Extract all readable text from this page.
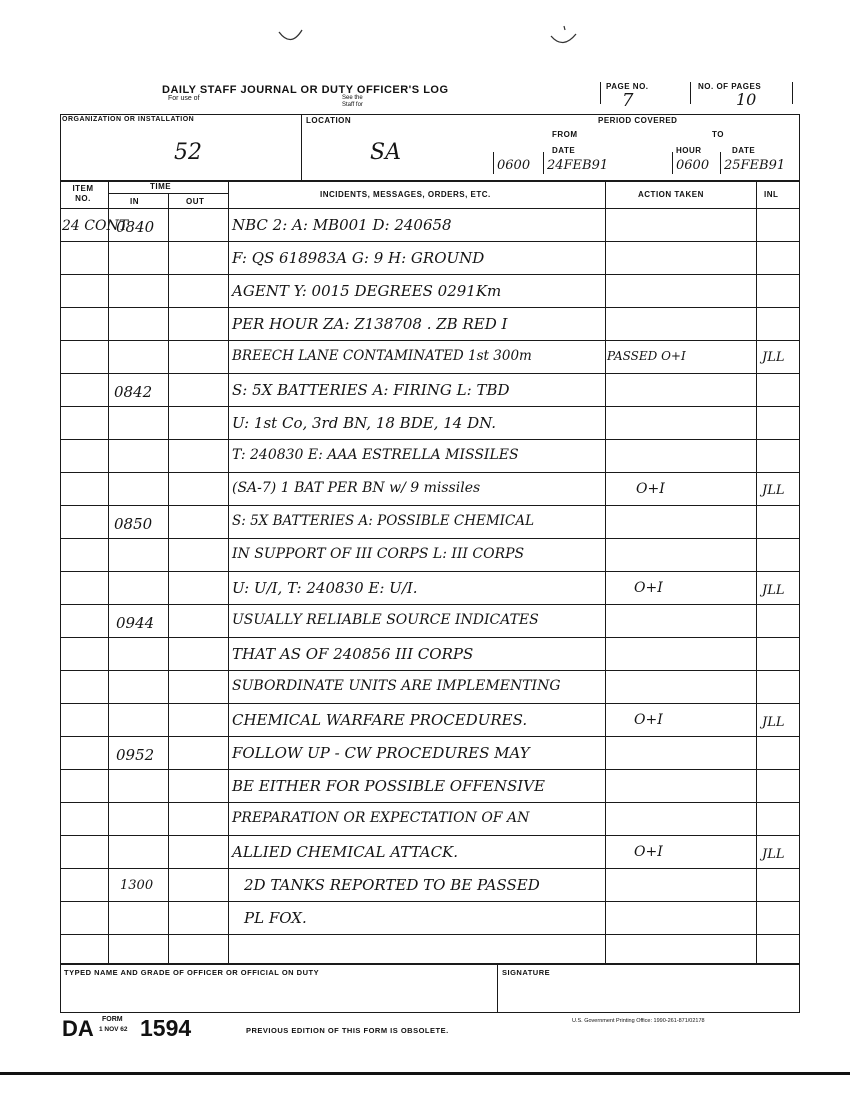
DAILY STAFF JOURNAL OR DUTY OFFICER'S LOG
For use of	See the
Staff for
PAGE NO.
7
NO. OF PAGES
10
ORGANIZATION OR INSTALLATION
52
LOCATION
SA
PERIOD COVERED
FROM	TO
DATE	HOUR	DATE
0600 24FEB91	0600 25FEB91
ITEM NO.
TIME
IN	OUT
INCIDENTS, MESSAGES, ORDERS, ETC.	ACTION TAKEN	INL
24 CONT
0840	NBC 2: A: MB001 D: 240658
F: QS 618983A G: 9 H: GROUND
AGENT Y: 0015 DEGREES 0291Km
PER HOUR ZA: Z138708 . ZB RED I
BREECH LANE CONTAMINATED 1st 300m	PASSED O+I	JLL
0842	S: 5X BATTERIES A: FIRING L: TBD
U: 1st Co, 3rd BN, 18 BDE, 14 DN.
T: 240830 E: AAA ESTRELLA MISSILES
(SA-7) 1 BAT PER BN w/ 9 missiles	O+I	JLL
0850	S: 5X BATTERIES A: POSSIBLE CHEMICAL
IN SUPPORT OF III CORPS L: III CORPS
U: U/I, T: 240830 E: U/I.	O+I	JLL
0944	USUALLY RELIABLE SOURCE INDICATES
THAT AS OF 240856 III CORPS
SUBORDINATE UNITS ARE IMPLEMENTING
CHEMICAL WARFARE PROCEDURES.	O+I	JLL
0952	FOLLOW UP - CW PROCEDURES MAY
BE EITHER FOR POSSIBLE OFFENSIVE
PREPARATION OR EXPECTATION OF AN
ALLIED CHEMICAL ATTACK.	O+I	JLL
1300	2D TANKS REPORTED TO BE PASSED
PL FOX.
TYPED NAME AND GRADE OF OFFICER OR OFFICIAL ON DUTY	SIGNATURE
DA FORM
1 NOV 62 1594	PREVIOUS EDITION OF THIS FORM IS OBSOLETE.
U.S. Government Printing Office: 1990-261-871/02178
